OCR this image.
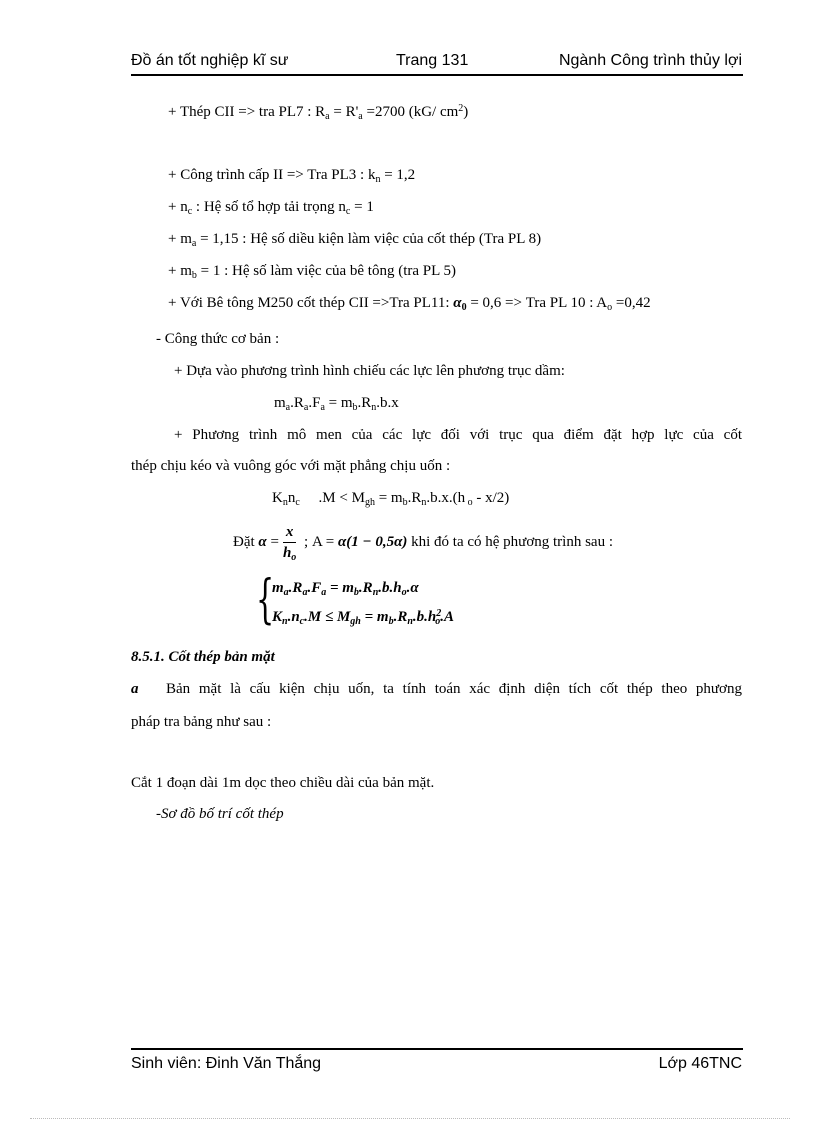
Đồ án tốt nghiệp kĩ sư	Trang 131	Ngành Công trình thủy lợi
+ Thép CII => tra PL7 : $R_a = R'_a =2700$ (kG/ $cm^2$)
+ Công trình cấp II => Tra PL3 : $k_n = 1,2$
+ $n_c$ : Hệ số tổ hợp tải trọng $n_c = 1$
+ $m_a = 1,15$ : Hệ số diều kiện làm việc của cốt thép (Tra PL 8)
+ $m_b = 1$ : Hệ số làm việc của bê tông (tra PL 5)
+ Với Bê tông M250 cốt thép CII =>Tra PL11: $\alpha_0 = 0,6$ => Tra PL 10 : $A_o =0,42$
- Công thức cơ bản :
+ Dựa vào phương trình hình chiếu các lực lên phương trục dầm:
$m_a.R_a.F_a = m_b.R_n.b.x$
+ Phương trình mô men của các lực đối với trục qua điểm đặt hợp lực của cốt
thép chịu kéo và vuông góc với mặt phẳng chịu uốn :
$K_nn_c$     $.M < M_{gh} = m_b.R_n.b.x.(h$ $_o$ - x/2)
Đặt $\alpha = \frac{x}{h_o}$ ; A = α(1 − 0,5α) khi đó ta có hệ phương trình sau :
{
$m_a.R_a.F_a = m_b.R_n.b.h_o.\alpha$
$K_n.n_c.M \le M_{gh} = m_b.R_n.b.h^2_o.A$
8.5.1. Cốt thép bản mặt
a Bản mặt là cấu kiện chịu uốn, ta tính toán xác định diện tích cốt thép theo phương
pháp tra bảng như sau :
Cắt 1 đoạn dài 1m dọc theo chiều dài của bản mặt.
-Sơ đồ bố trí cốt thép
Sinh viên: Đinh Văn Thắng	Lớp 46TNC
